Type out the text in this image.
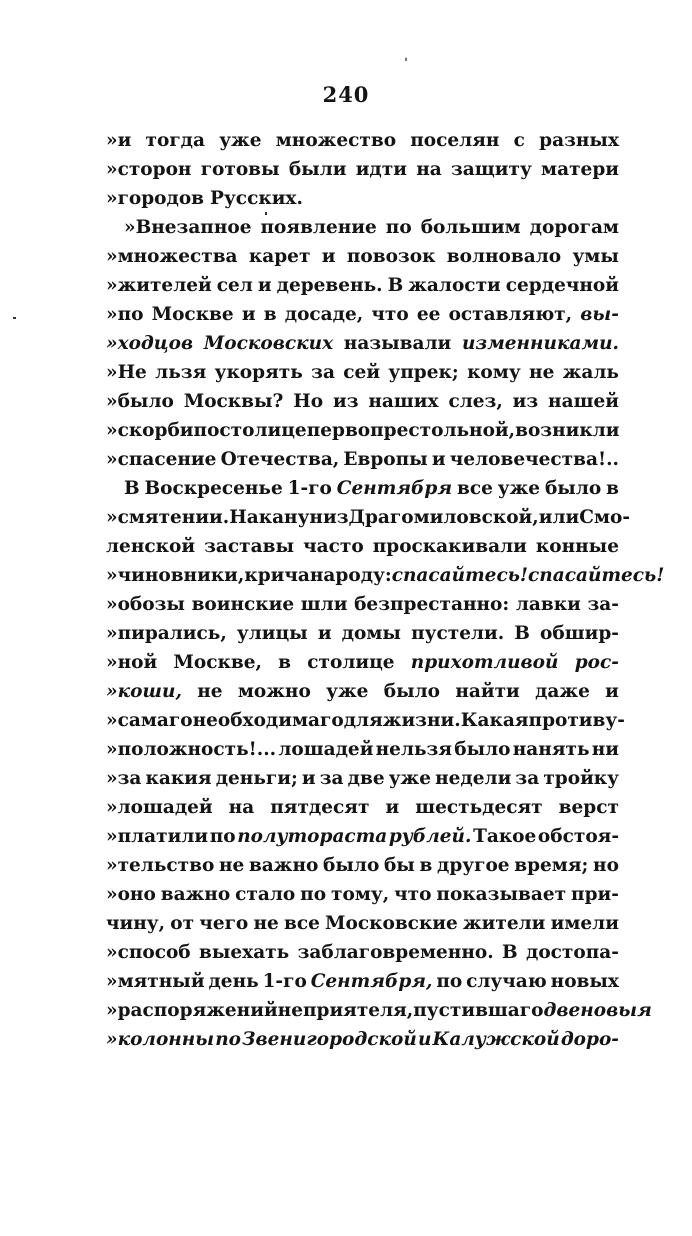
ˈ
240
»и тогда уже множество поселян с разных
»сторон готовы были идти на защиту матери
»городов Русских.
»Внезапное появление по большим дорогам
»множества карет и повозок волновало умы
»жителей сел и деревень. В жалости сердечной
»по Москве и в досаде, что ее оставляют, вы-
»ходцов Московских называли изменниками.
»Не льзя укорять за сей упрек; кому не жаль
»было Москвы? Но из наших слез, из нашей
»скорби по столице первопрестольной, возникли
»спасение Отечества, Европы и человечества!..
В Воскресенье 1-го Сентября все уже было в
»смятении. На канун из Драгомиловской, или Смо-
ленской заставы часто проскакивали конные
»чиновники, крича народу: спасайтесь! спасайтесь!
»обозы воинские шли безпрестанно: лавки за-
»пирались, улицы и домы пустели. В обшир-
»ной Москве, в столице прихотливой рос-
»коши, не можно уже было найти даже и
»самаго необходимаго для жизни. Какая противу-
»положность!... лошадей нельзя было нанять ни
»за какия деньги; и за две уже недели за тройку
»лошадей на пятдесят и шестьдесят верст
»платили по полутораста рублей. Такое обстоя-
»тельство не важно было бы в другое время; но
»оно важно стало по тому, что показывает при-
чину, от чего не все Московские жители имели
»способ выехать заблаговременно. В достопа-
»мятный день 1-го Сентября, по случаю новых
»распоряжений неприятеля, пустившаго две новыя
»колонны по Звенигородской и Калужской доро-
